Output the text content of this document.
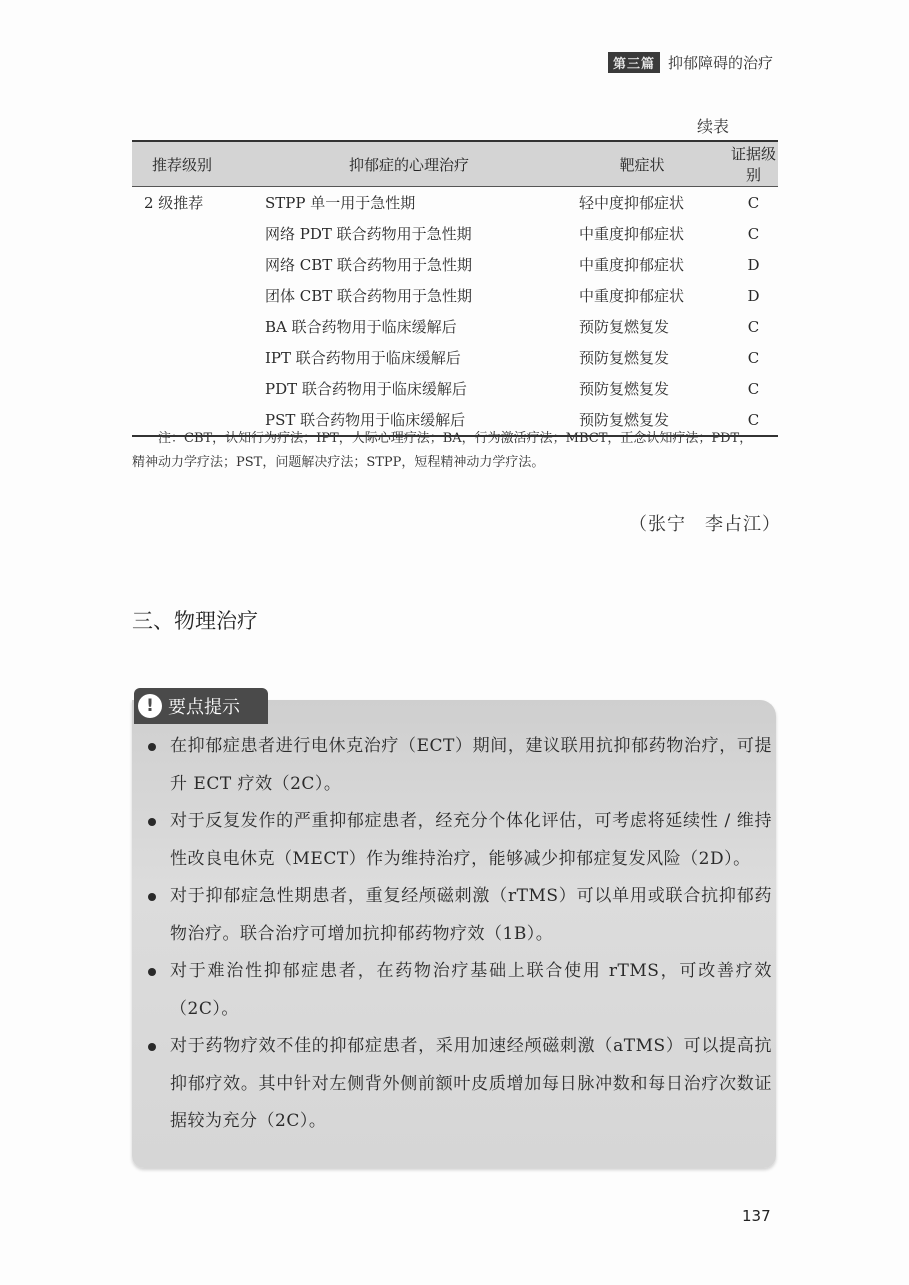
第三篇 抑郁障碍的治疗
续表
推荐级别	抑郁症的心理治疗	靶症状	证据级别
2 级推荐	STPP 单一用于急性期	轻中度抑郁症状	C
	网络 PDT 联合药物用于急性期	中重度抑郁症状	C
	网络 CBT 联合药物用于急性期	中重度抑郁症状	D
	团体 CBT 联合药物用于急性期	中重度抑郁症状	D
	BA 联合药物用于临床缓解后	预防复燃复发	C
	IPT 联合药物用于临床缓解后	预防复燃复发	C
	PDT 联合药物用于临床缓解后	预防复燃复发	C
	PST 联合药物用于临床缓解后	预防复燃复发	C
注：CBT，认知行为疗法；IPT，人际心理疗法；BA，行为激活疗法；MBCT，正念认知疗法；PDT，
精神动力学疗法；PST，问题解决疗法；STPP，短程精神动力学疗法。
（张宁　李占江）
三、物理治疗
! 要点提示
在抑郁症患者进行电休克治疗（ECT）期间，建议联用抗抑郁药物治疗，可提升 ECT 疗效（2C）。
对于反复发作的严重抑郁症患者，经充分个体化评估，可考虑将延续性 / 维持性改良电休克（MECT）作为维持治疗，能够减少抑郁症复发风险（2D）。
对于抑郁症急性期患者，重复经颅磁刺激（rTMS）可以单用或联合抗抑郁药物治疗。联合治疗可增加抗抑郁药物疗效（1B）。
对于难治性抑郁症患者，在药物治疗基础上联合使用 rTMS，可改善疗效（2C）。
对于药物疗效不佳的抑郁症患者，采用加速经颅磁刺激（aTMS）可以提高抗抑郁疗效。其中针对左侧背外侧前额叶皮质增加每日脉冲数和每日治疗次数证据较为充分（2C）。
137
